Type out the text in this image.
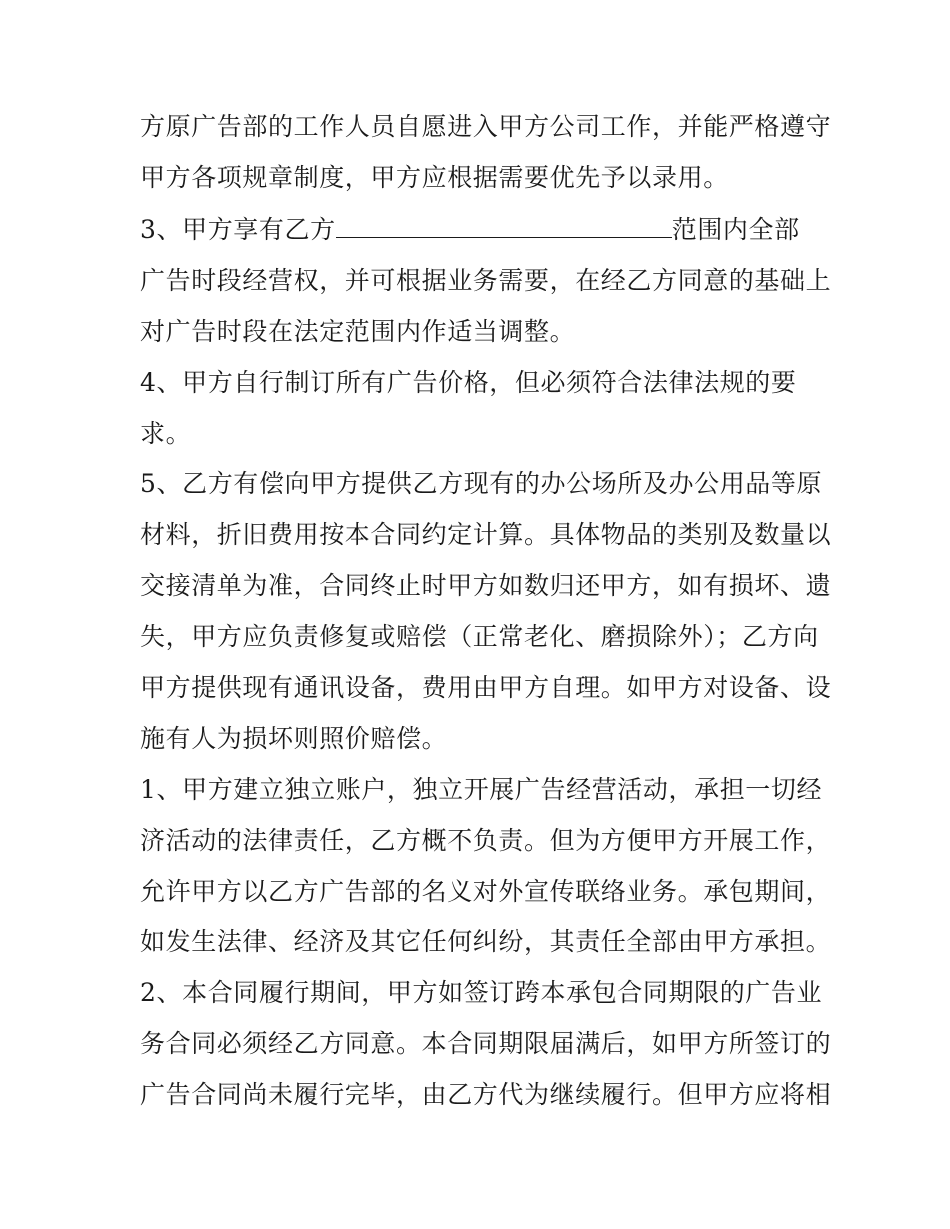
方原广告部的工作人员自愿进入甲方公司工作，并能严格遵守
甲方各项规章制度，甲方应根据需要优先予以录用。
3、甲方享有乙方	范围内全部
广告时段经营权，并可根据业务需要，在经乙方同意的基础上
对广告时段在法定范围内作适当调整。
4、甲方自行制订所有广告价格，但必须符合法律法规的要
求。
5、乙方有偿向甲方提供乙方现有的办公场所及办公用品等原
材料，折旧费用按本合同约定计算。具体物品的类别及数量以
交接清单为准，合同终止时甲方如数归还甲方，如有损坏、遗
失，甲方应负责修复或赔偿（正常老化、磨损除外）；乙方向
甲方提供现有通讯设备，费用由甲方自理。如甲方对设备、设
施有人为损坏则照价赔偿。
1、甲方建立独立账户，独立开展广告经营活动，承担一切经
济活动的法律责任，乙方概不负责。但为方便甲方开展工作，
允许甲方以乙方广告部的名义对外宣传联络业务。承包期间，
如发生法律、经济及其它任何纠纷，其责任全部由甲方承担。
2、本合同履行期间，甲方如签订跨本承包合同期限的广告业
务合同必须经乙方同意。本合同期限届满后，如甲方所签订的
广告合同尚未履行完毕，由乙方代为继续履行。但甲方应将相
